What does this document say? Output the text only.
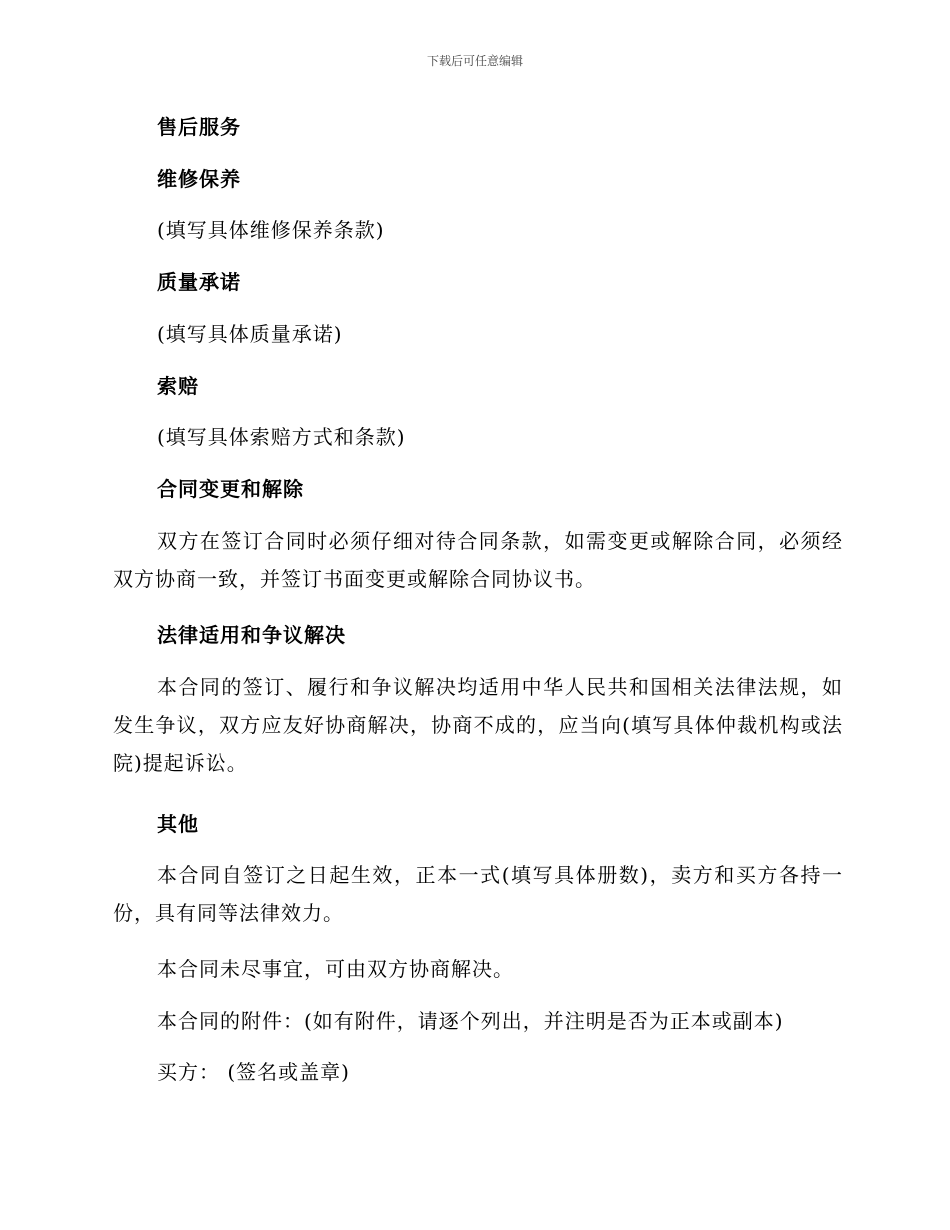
下载后可任意编辑
售后服务
维修保养
(填写具体维修保养条款)
质量承诺
(填写具体质量承诺)
索赔
(填写具体索赔方式和条款)
合同变更和解除
双方在签订合同时必须仔细对待合同条款，如需变更或解除合同，必须经双方协商一致，并签订书面变更或解除合同协议书。
法律适用和争议解决
本合同的签订、履行和争议解决均适用中华人民共和国相关法律法规，如发生争议，双方应友好协商解决，协商不成的，应当向(填写具体仲裁机构或法院)提起诉讼。
其他
本合同自签订之日起生效，正本一式(填写具体册数)，卖方和买方各持一份，具有同等法律效力。
本合同未尽事宜，可由双方协商解决。
本合同的附件：(如有附件，请逐个列出，并注明是否为正本或副本)
买方： (签名或盖章)
